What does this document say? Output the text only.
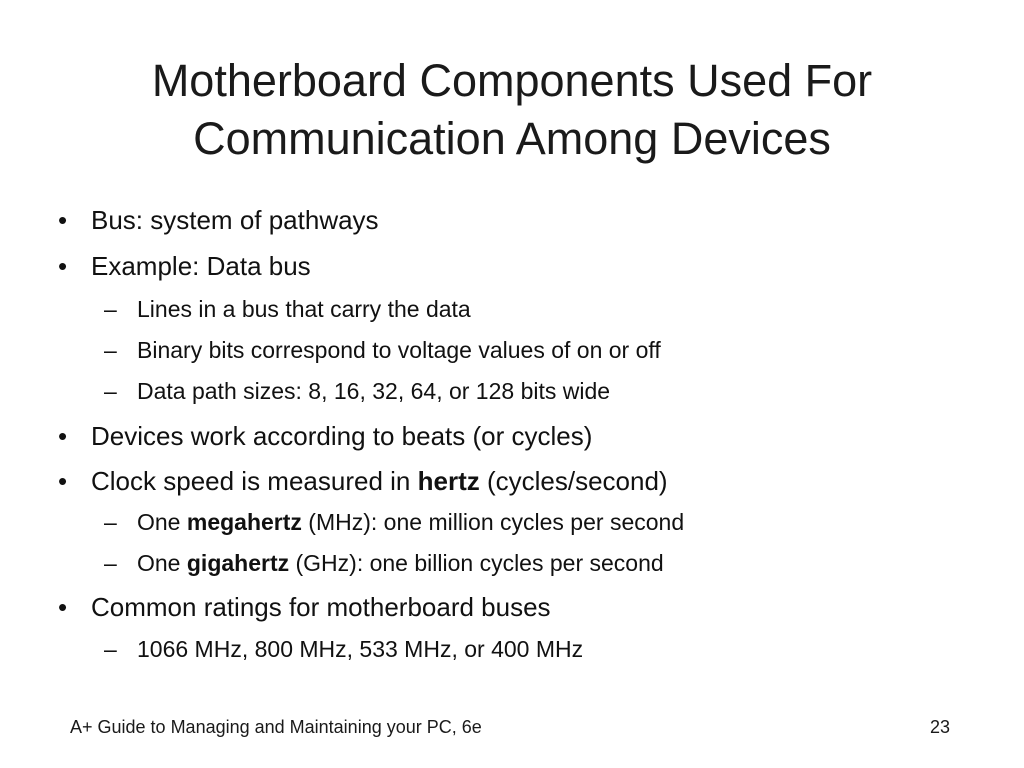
Motherboard Components Used For
Communication Among Devices
• Bus: system of pathways
• Example: Data bus
– Lines in a bus that carry the data
– Binary bits correspond to voltage values of on or off
– Data path sizes: 8, 16, 32, 64, or 128 bits wide
• Devices work according to beats (or cycles)
• Clock speed is measured in hertz (cycles/second)
– One megahertz (MHz): one million cycles per second
– One gigahertz (GHz): one billion cycles per second
• Common ratings for motherboard buses
– 1066 MHz, 800 MHz, 533 MHz, or 400 MHz
A+ Guide to Managing and Maintaining your PC, 6e	23
